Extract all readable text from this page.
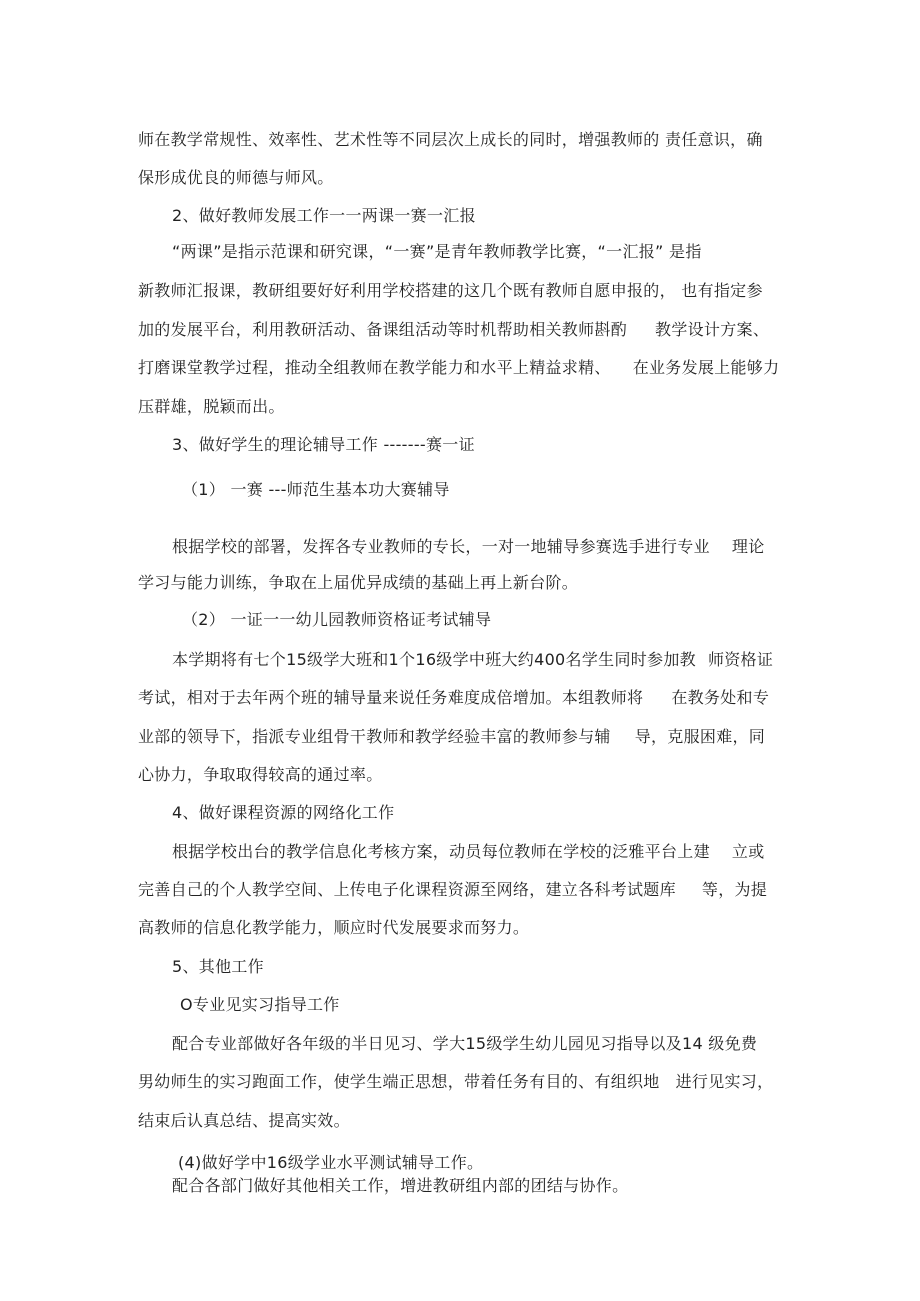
师在教学常规性、效率性、艺术性等不同层次上成长的同时，增强教师的 责任意识，确
保形成优良的师德与师风。
2、做好教师发展工作一一两课一赛一汇报
“两课”是指示范课和研究课，“一赛”是青年教师教学比赛，“一汇报” 是指
新教师汇报课，教研组要好好利用学校搭建的这几个既有教师自愿申报的， 也有指定参
加的发展平台，利用教研活动、备课组活动等时机帮助相关教师斟酌 教学设计方案、
打磨课堂教学过程，推动全组教师在教学能力和水平上精益求精、 在业务发展上能够力
压群雄，脱颖而出。
3、做好学生的理论辅导工作 -------赛一证
（1） 一赛 ---师范生基本功大赛辅导
根据学校的部署，发挥各专业教师的专长，一对一地辅导参赛选手进行专业 理论
学习与能力训练，争取在上届优异成绩的基础上再上新台阶。
（2） 一证一一幼儿园教师资格证考试辅导
本学期将有七个15级学大班和1个16级学中班大约400名学生同时参加教 师资格证
考试，相对于去年两个班的辅导量来说任务难度成倍增加。本组教师将 在教务处和专
业部的领导下，指派专业组骨干教师和教学经验丰富的教师参与辅 导，克服困难，同
心协力，争取取得较高的通过率。
4、做好课程资源的网络化工作
根据学校出台的教学信息化考核方案，动员每位教师在学校的泛雅平台上建 立或
完善自己的个人教学空间、上传电子化课程资源至网络，建立各科考试题库 等，为提
高教师的信息化教学能力，顺应时代发展要求而努力。
5、其他工作
O专业见实习指导工作
配合专业部做好各年级的半日见习、学大15级学生幼儿园见习指导以及14 级免费
男幼师生的实习跑面工作，使学生端正思想，带着任务有目的、有组织地 进行见实习，
结束后认真总结、提高实效。
(4)做好学中16级学业水平测试辅导工作。
配合各部门做好其他相关工作，增进教研组内部的团结与协作。
